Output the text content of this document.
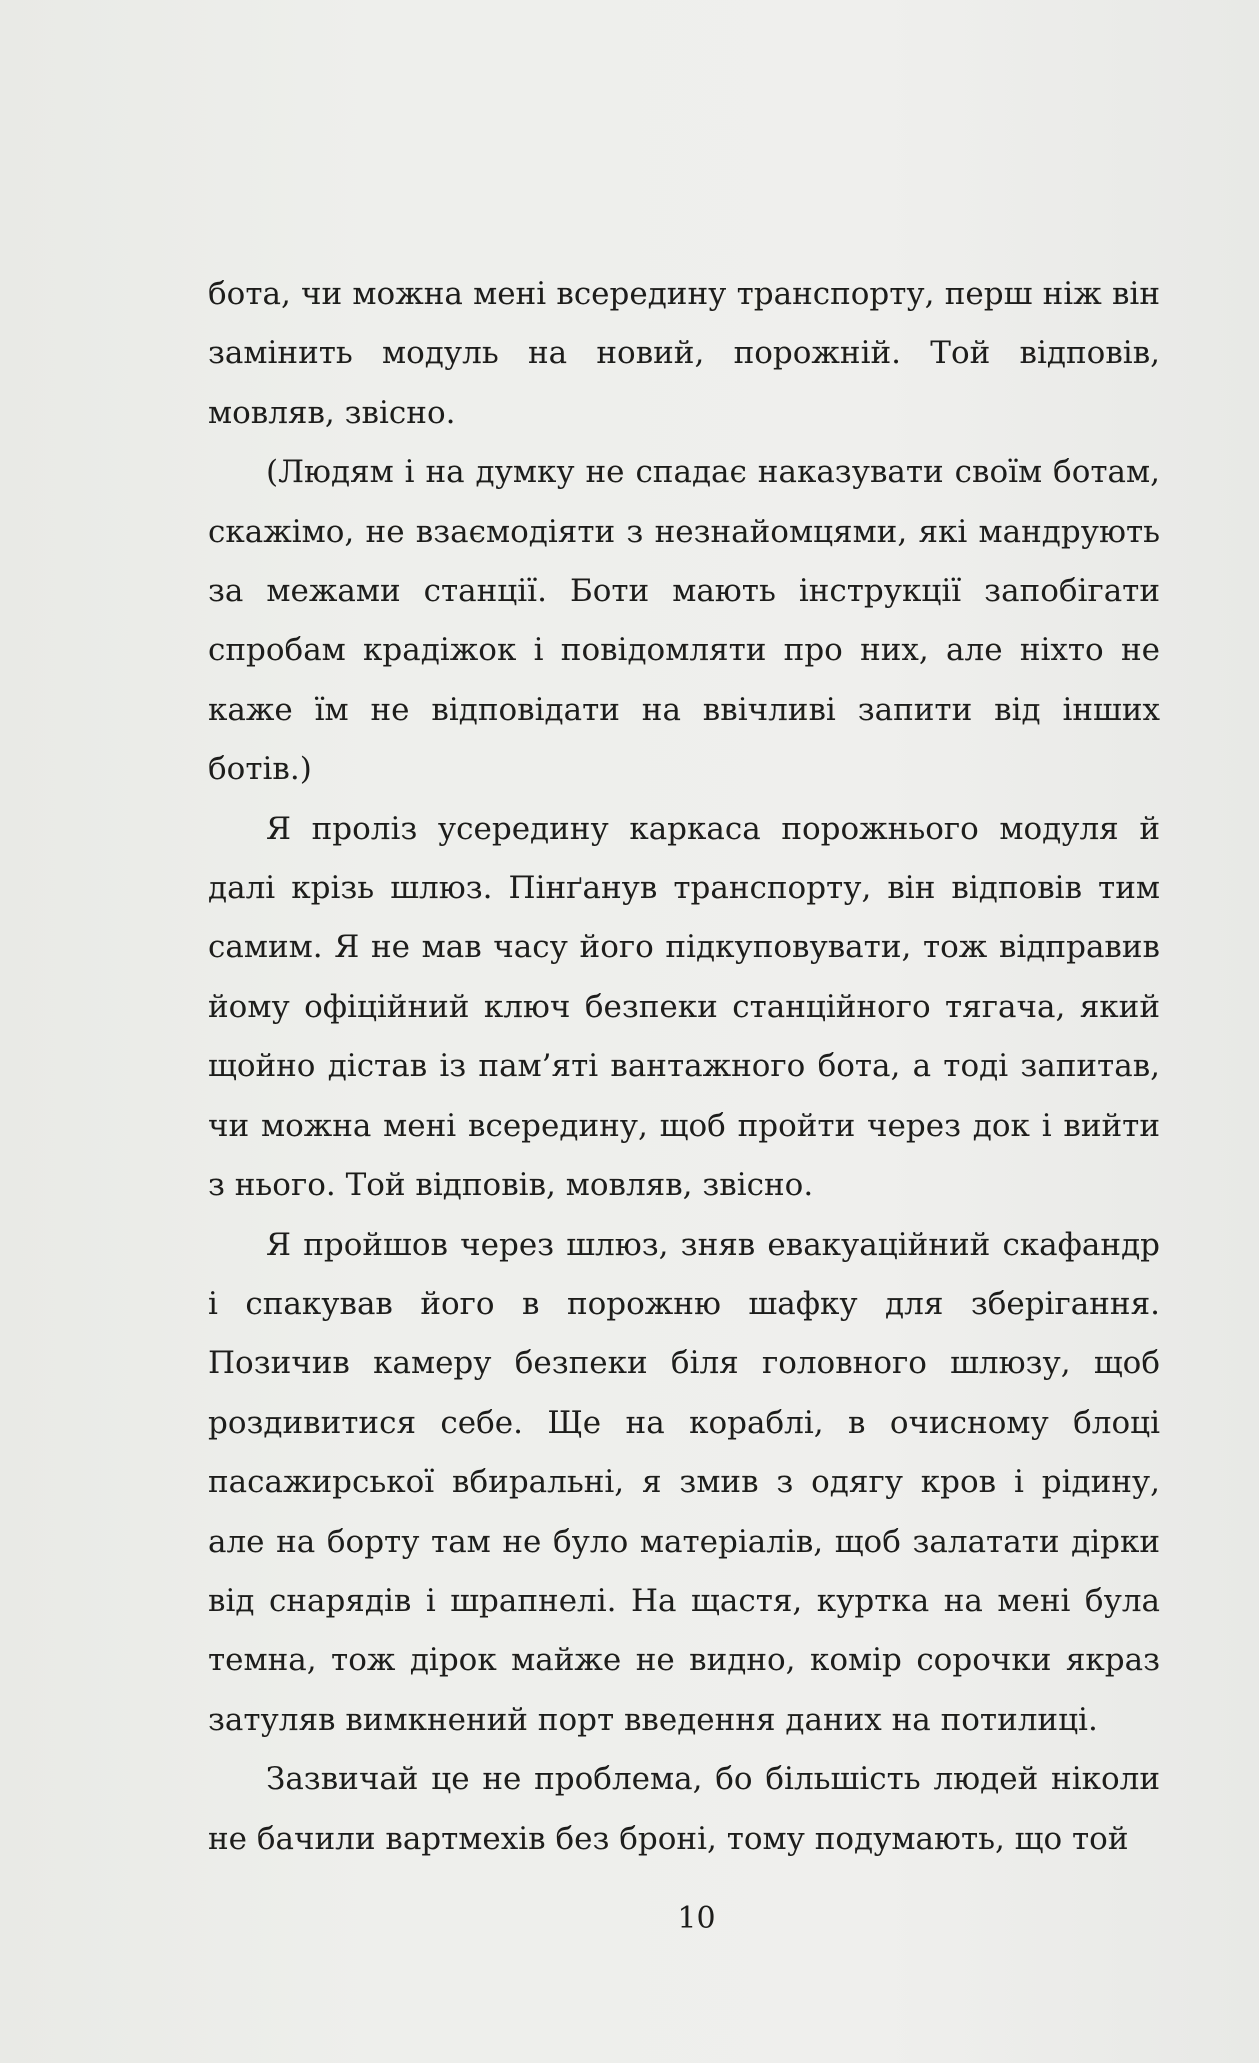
бота, чи можна мені всередину транспорту, перш ніж він замінить модуль на новий, порожній. Той відповів, мовляв, звісно.

(Людям і на думку не спадає наказувати своїм ботам, скажімо, не взаємодіяти з незнайомцями, які мандрують за межами станції. Боти мають інструкції запобігати спробам крадіжок і повідомляти про них, але ніхто не каже їм не відповідати на ввічливі запити від інших ботів.)

Я проліз усередину каркаса порожнього модуля й далі крізь шлюз. Пінґанув транспорту, він відповів тим самим. Я не мав часу його підкуповувати, тож відправив йому офіційний ключ безпеки станційного тягача, який щойно дістав із пам’яті вантажного бота, а тоді запитав, чи можна мені всередину, щоб пройти через док і вийти з нього. Той відповів, мовляв, звісно.

Я пройшов через шлюз, зняв евакуаційний скафандр і спакував його в порожню шафку для зберігання. Позичив камеру безпеки біля головного шлюзу, щоб роздивитися себе. Ще на кораблі, в очисному блоці пасажирської вбиральні, я змив з одягу кров і рідину, але на борту там не було матеріалів, щоб залатати дірки від снарядів і шрапнелі. На щастя, куртка на мені була темна, тож дірок майже не видно, комір сорочки якраз затуляв вимкнений порт введення даних на потилиці.

Зазвичай це не проблема, бо більшість людей ніколи не бачили вартмехів без броні, тому подумають, що той

10
